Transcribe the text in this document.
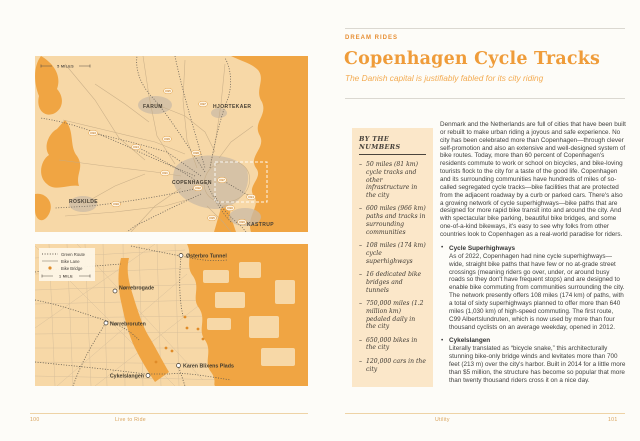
C95
C97
C93
C94
C96
C98
C91
C97
C92
C94
C99
C99
C95
C90
FARUM	HJORTEKAER
COPENHAGEN
ROSKILDE
KASTRUP
5 MILES
Østerbro Tunnel
Nørrebrogade
Nørrebroruten
Cykelslangen
Karen Blixens Plads
Green Route
Bike Lane
Bike Bridge
1 MILE
DREAM RIDES
Copenhagen Cycle Tracks
The Danish capital is justifiably fabled for its city riding
BY THE NUMBERS
– 50 miles (81 km) cycle tracks and other infrastructure in the city
– 600 miles (966 km) paths and tracks in surrounding communities
– 108 miles (174 km) cycle superhighways
– 16 dedicated bike bridges and tunnels
– 750,000 miles (1.2 million km) pedaled daily in the city
– 650,000 bikes in the city
– 120,000 cars in the city

Denmark and the Netherlands are full of cities that have been built or rebuilt to make urban riding a joyous and safe experience. No city has been celebrated more than Copenhagen—through clever self-promotion and also an extensive and well-designed system of bike routes. Today, more than 60 percent of Copenhagen's residents commute to work or school on bicycles, and bike-loving tourists flock to the city for a taste of the good life. Copenhagen and its surrounding communities have hundreds of miles of so-called segregated cycle tracks—bike facilities that are protected from the adjacent roadway by a curb or parked cars. There's also a growing network of cycle superhighways—bike paths that are designed for more rapid bike transit into and around the city. And with spectacular bike parking, beautiful bike bridges, and some one-of-a-kind bikeways, it's easy to see why folks from other countries look to Copenhagen as a real-world paradise for riders.

• Cycle Superhighways

As of 2022, Copenhagen had nine cycle superhighways—wide, straight bike paths that have few or no at-grade street crossings (meaning riders go over, under, or around busy roads so they don't have frequent stops) and are designed to enable bike commuting from communities surrounding the city. The network presently offers 108 miles (174 km) of paths, with a total of sixty superhighways planned to offer more than 640 miles (1,030 km) of high-speed commuting. The first route, C99 Albertslundruten, which is now used by more than four thousand cyclists on an average weekday, opened in 2012.

• Cykelslangen

Literally translated as “bicycle snake,” this architecturally stunning bike-only bridge winds and levitates more than 700 feet (213 m) over the city's harbor. Built in 2014 for a little more than $5 million, the structure has become so popular that more than twenty thousand riders cross it on a nice day.

100	Live to Ride	Utility	101
